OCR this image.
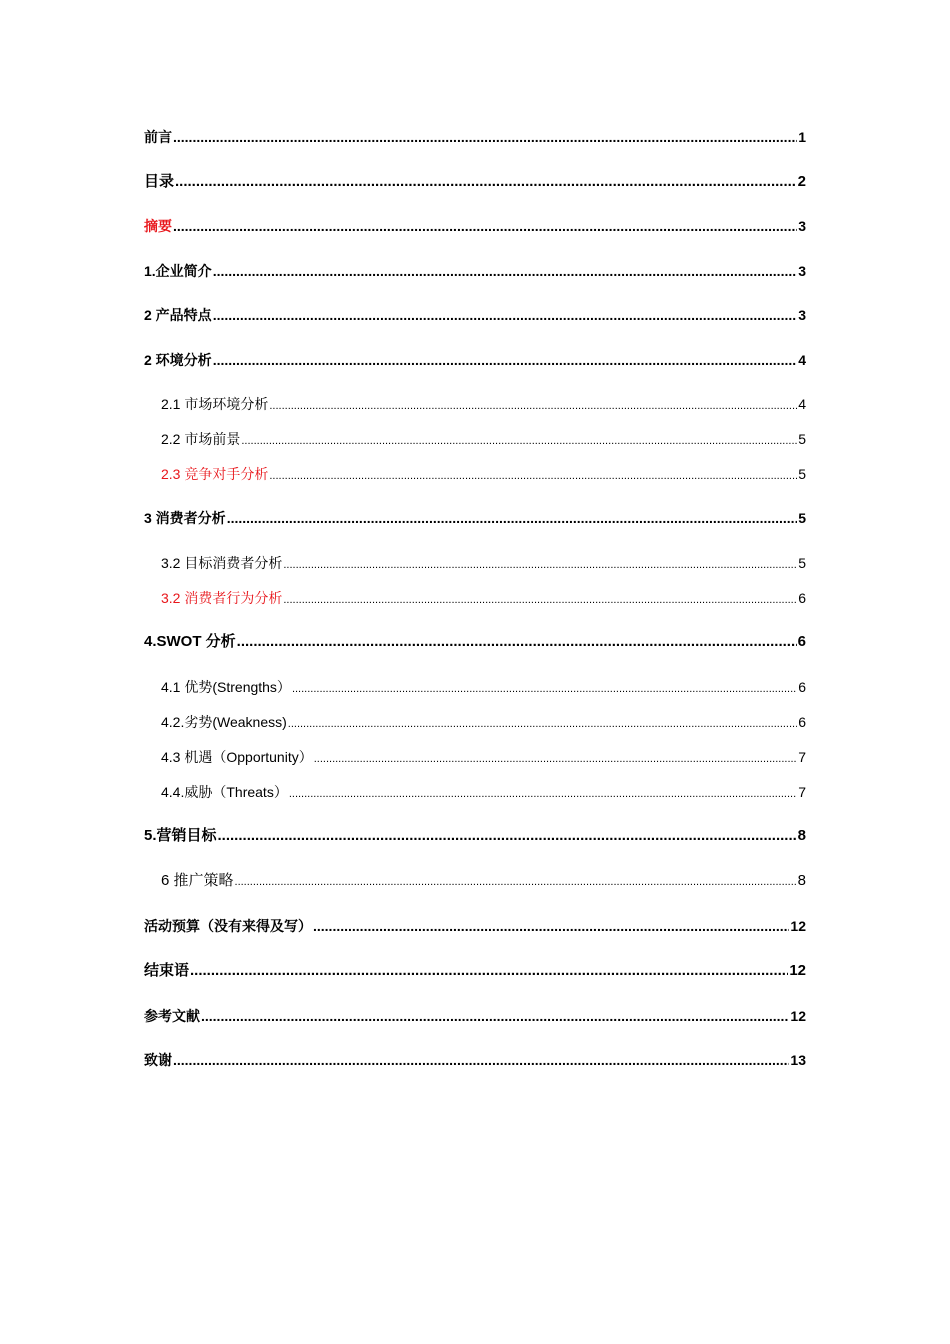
前言 .....	1
目录 .....	2
摘要 .....	3
1.企业简介 .....	3
2 产品特点 .....	3
2 环境分析 .....	4
2.1 市场环境分析 .....	4
2.2 市场前景 .....	5
2.3 竞争对手分析 .....	5
3 消费者分析 .....	5
3.2 目标消费者分析 .....	5
3.2 消费者行为分析 .....	6
4.SWOT 分析 .....	6
4.1 优势(Strengths） .....	6
4.2.劣势(Weakness) .....	6
4.3 机遇（Opportunity） .....	7
4.4.威胁（Threats） .....	7
5.营销目标 .....	8
6 推广策略 .....	8
活动预算（没有来得及写） .....	12
结束语 .....	12
参考文献 .....	12
致谢 .....	13
